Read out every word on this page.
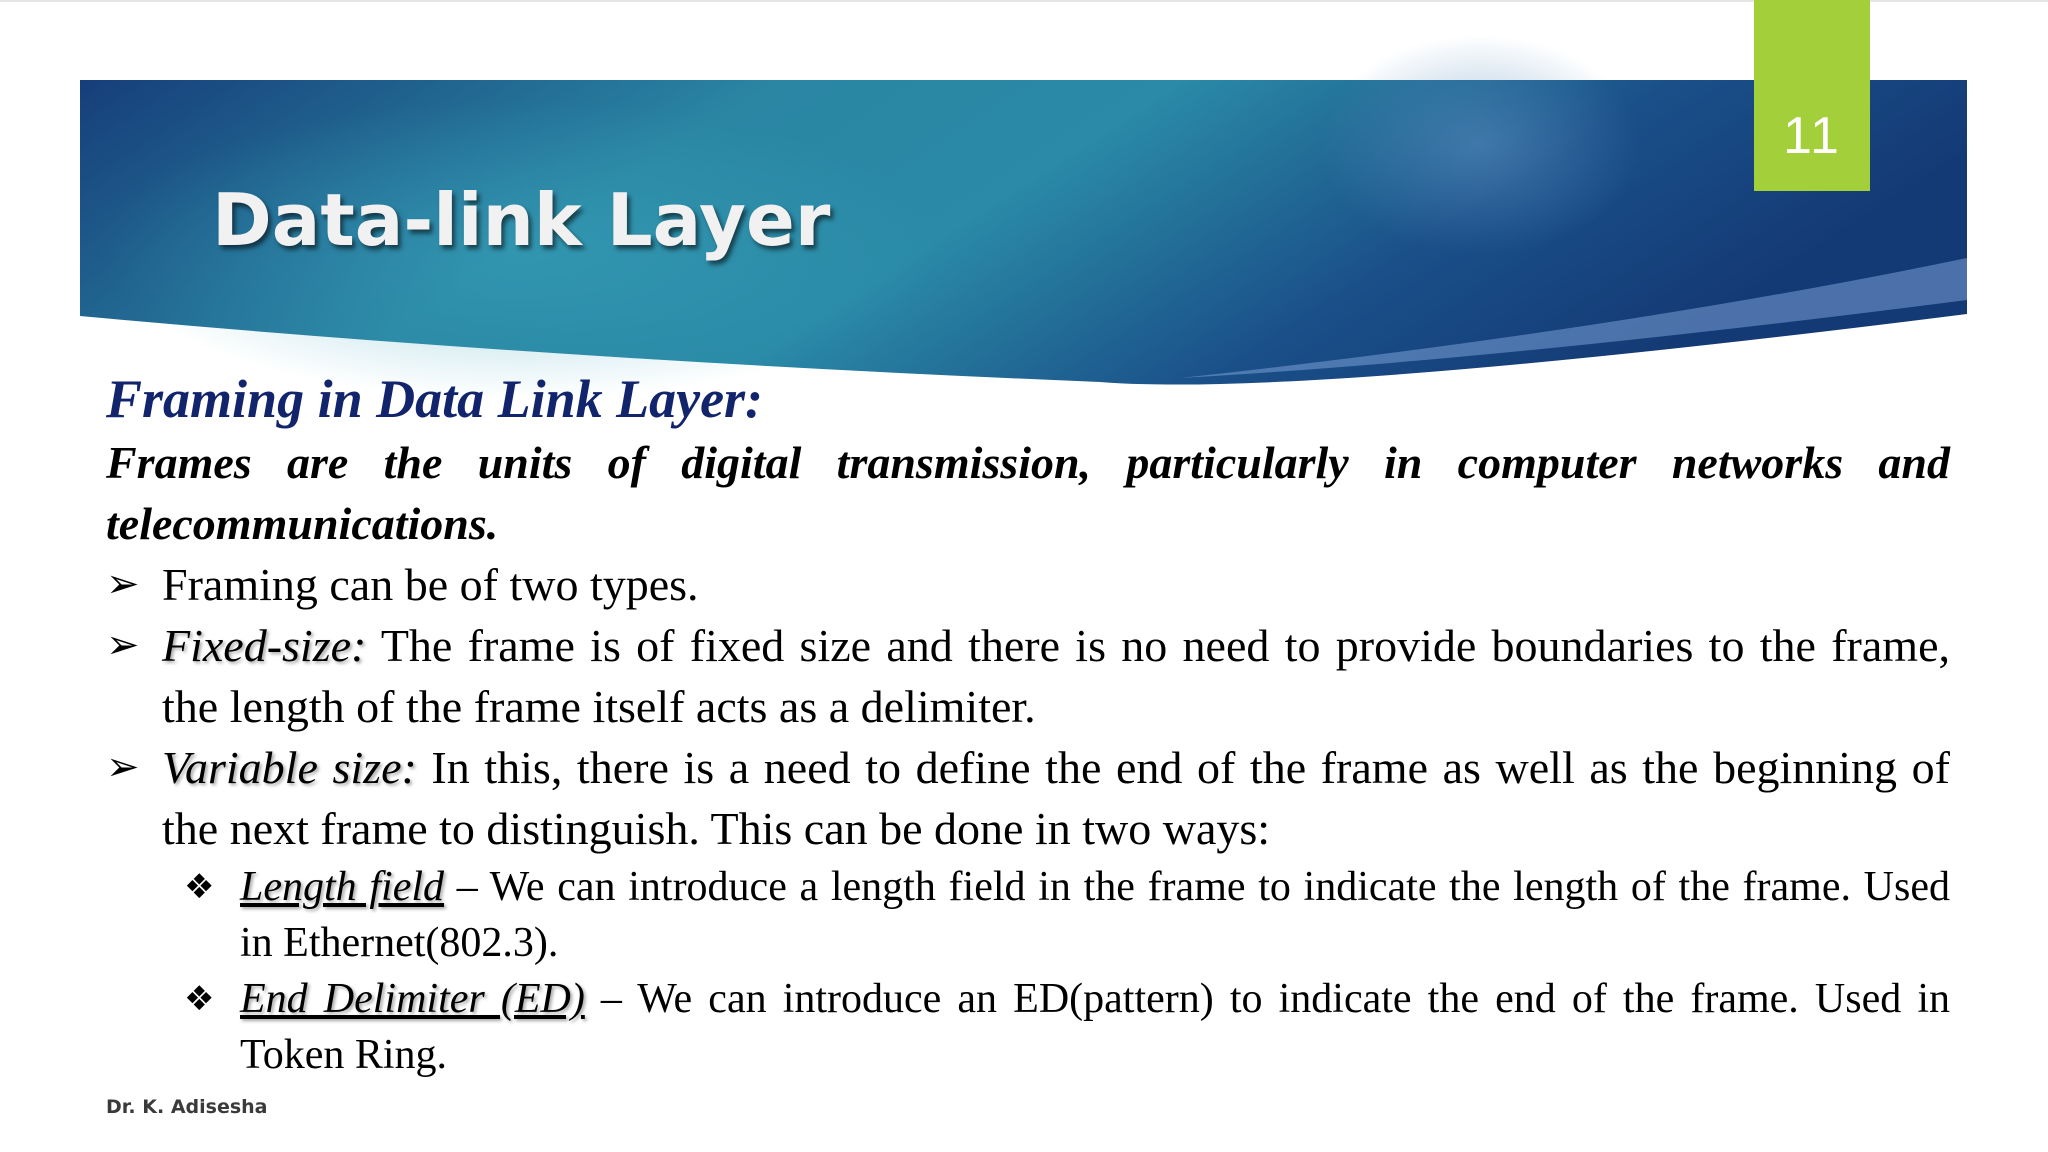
11
Data-link Layer
Framing in Data Link Layer:
Frames are the units of digital transmission, particularly in computer networks and telecommunications.
➢ Framing can be of two types.
➢ Fixed-size: The frame is of fixed size and there is no need to provide boundaries to the frame, the length of the frame itself acts as a delimiter.
➢ Variable size: In this, there is a need to define the end of the frame as well as the beginning of the next frame to distinguish. This can be done in two ways:
❖ Length field – We can introduce a length field in the frame to indicate the length of the frame. Used in Ethernet(802.3).
❖ End Delimiter (ED) – We can introduce an ED(pattern) to indicate the end of the frame. Used in Token Ring.
Dr. K. Adisesha
